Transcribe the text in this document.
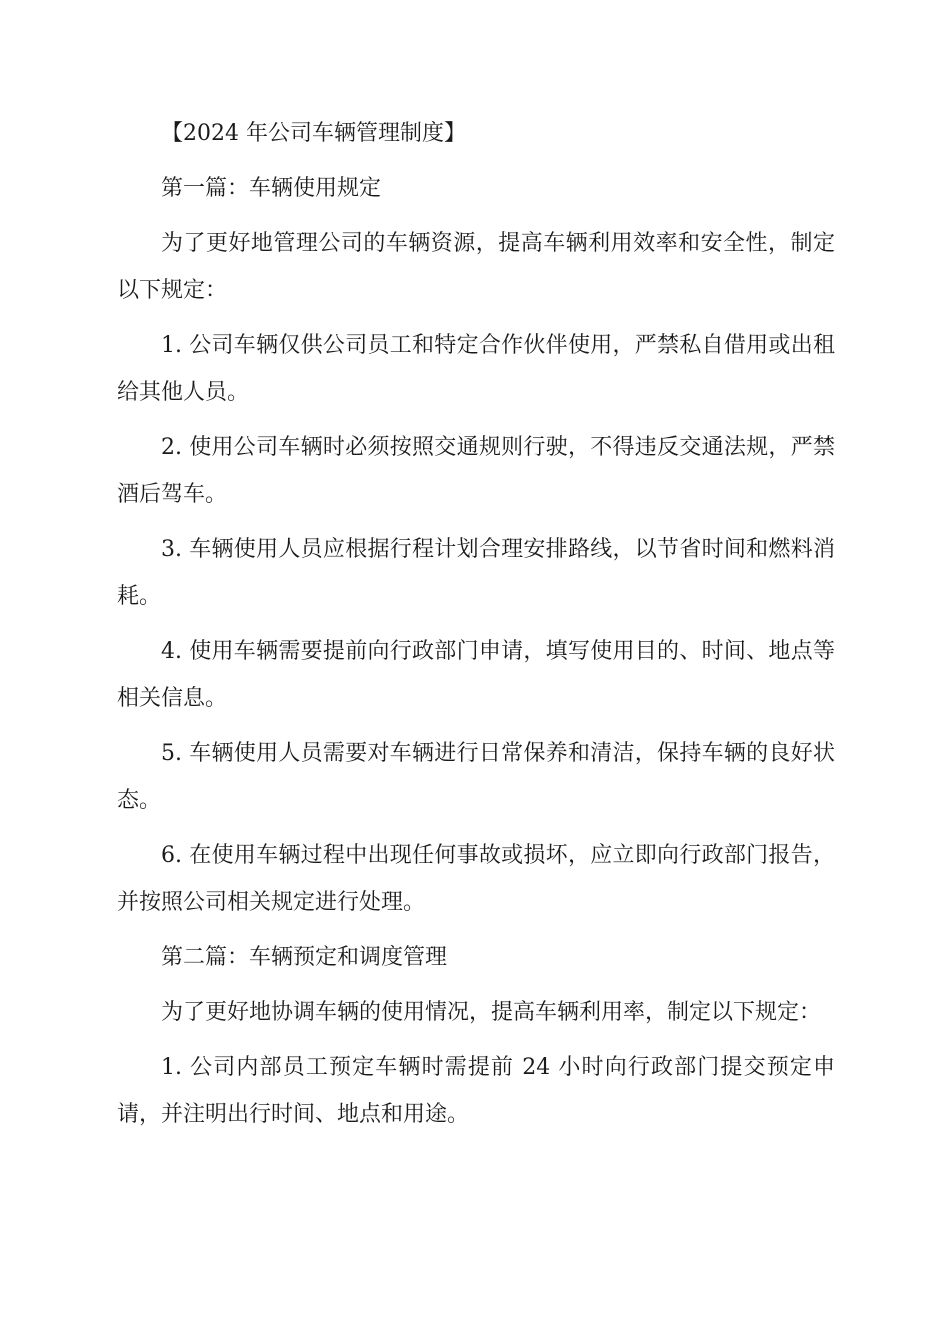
【2024 年公司车辆管理制度】

第一篇：车辆使用规定

为了更好地管理公司的车辆资源，提高车辆利用效率和安全性，制定以下规定：

1. 公司车辆仅供公司员工和特定合作伙伴使用，严禁私自借用或出租给其他人员。

2. 使用公司车辆时必须按照交通规则行驶，不得违反交通法规，严禁酒后驾车。

3. 车辆使用人员应根据行程计划合理安排路线，以节省时间和燃料消耗。

4. 使用车辆需要提前向行政部门申请，填写使用目的、时间、地点等相关信息。

5. 车辆使用人员需要对车辆进行日常保养和清洁，保持车辆的良好状态。

6. 在使用车辆过程中出现任何事故或损坏，应立即向行政部门报告，并按照公司相关规定进行处理。

第二篇：车辆预定和调度管理

为了更好地协调车辆的使用情况，提高车辆利用率，制定以下规定：

1. 公司内部员工预定车辆时需提前 24 小时向行政部门提交预定申请，并注明出行时间、地点和用途。
